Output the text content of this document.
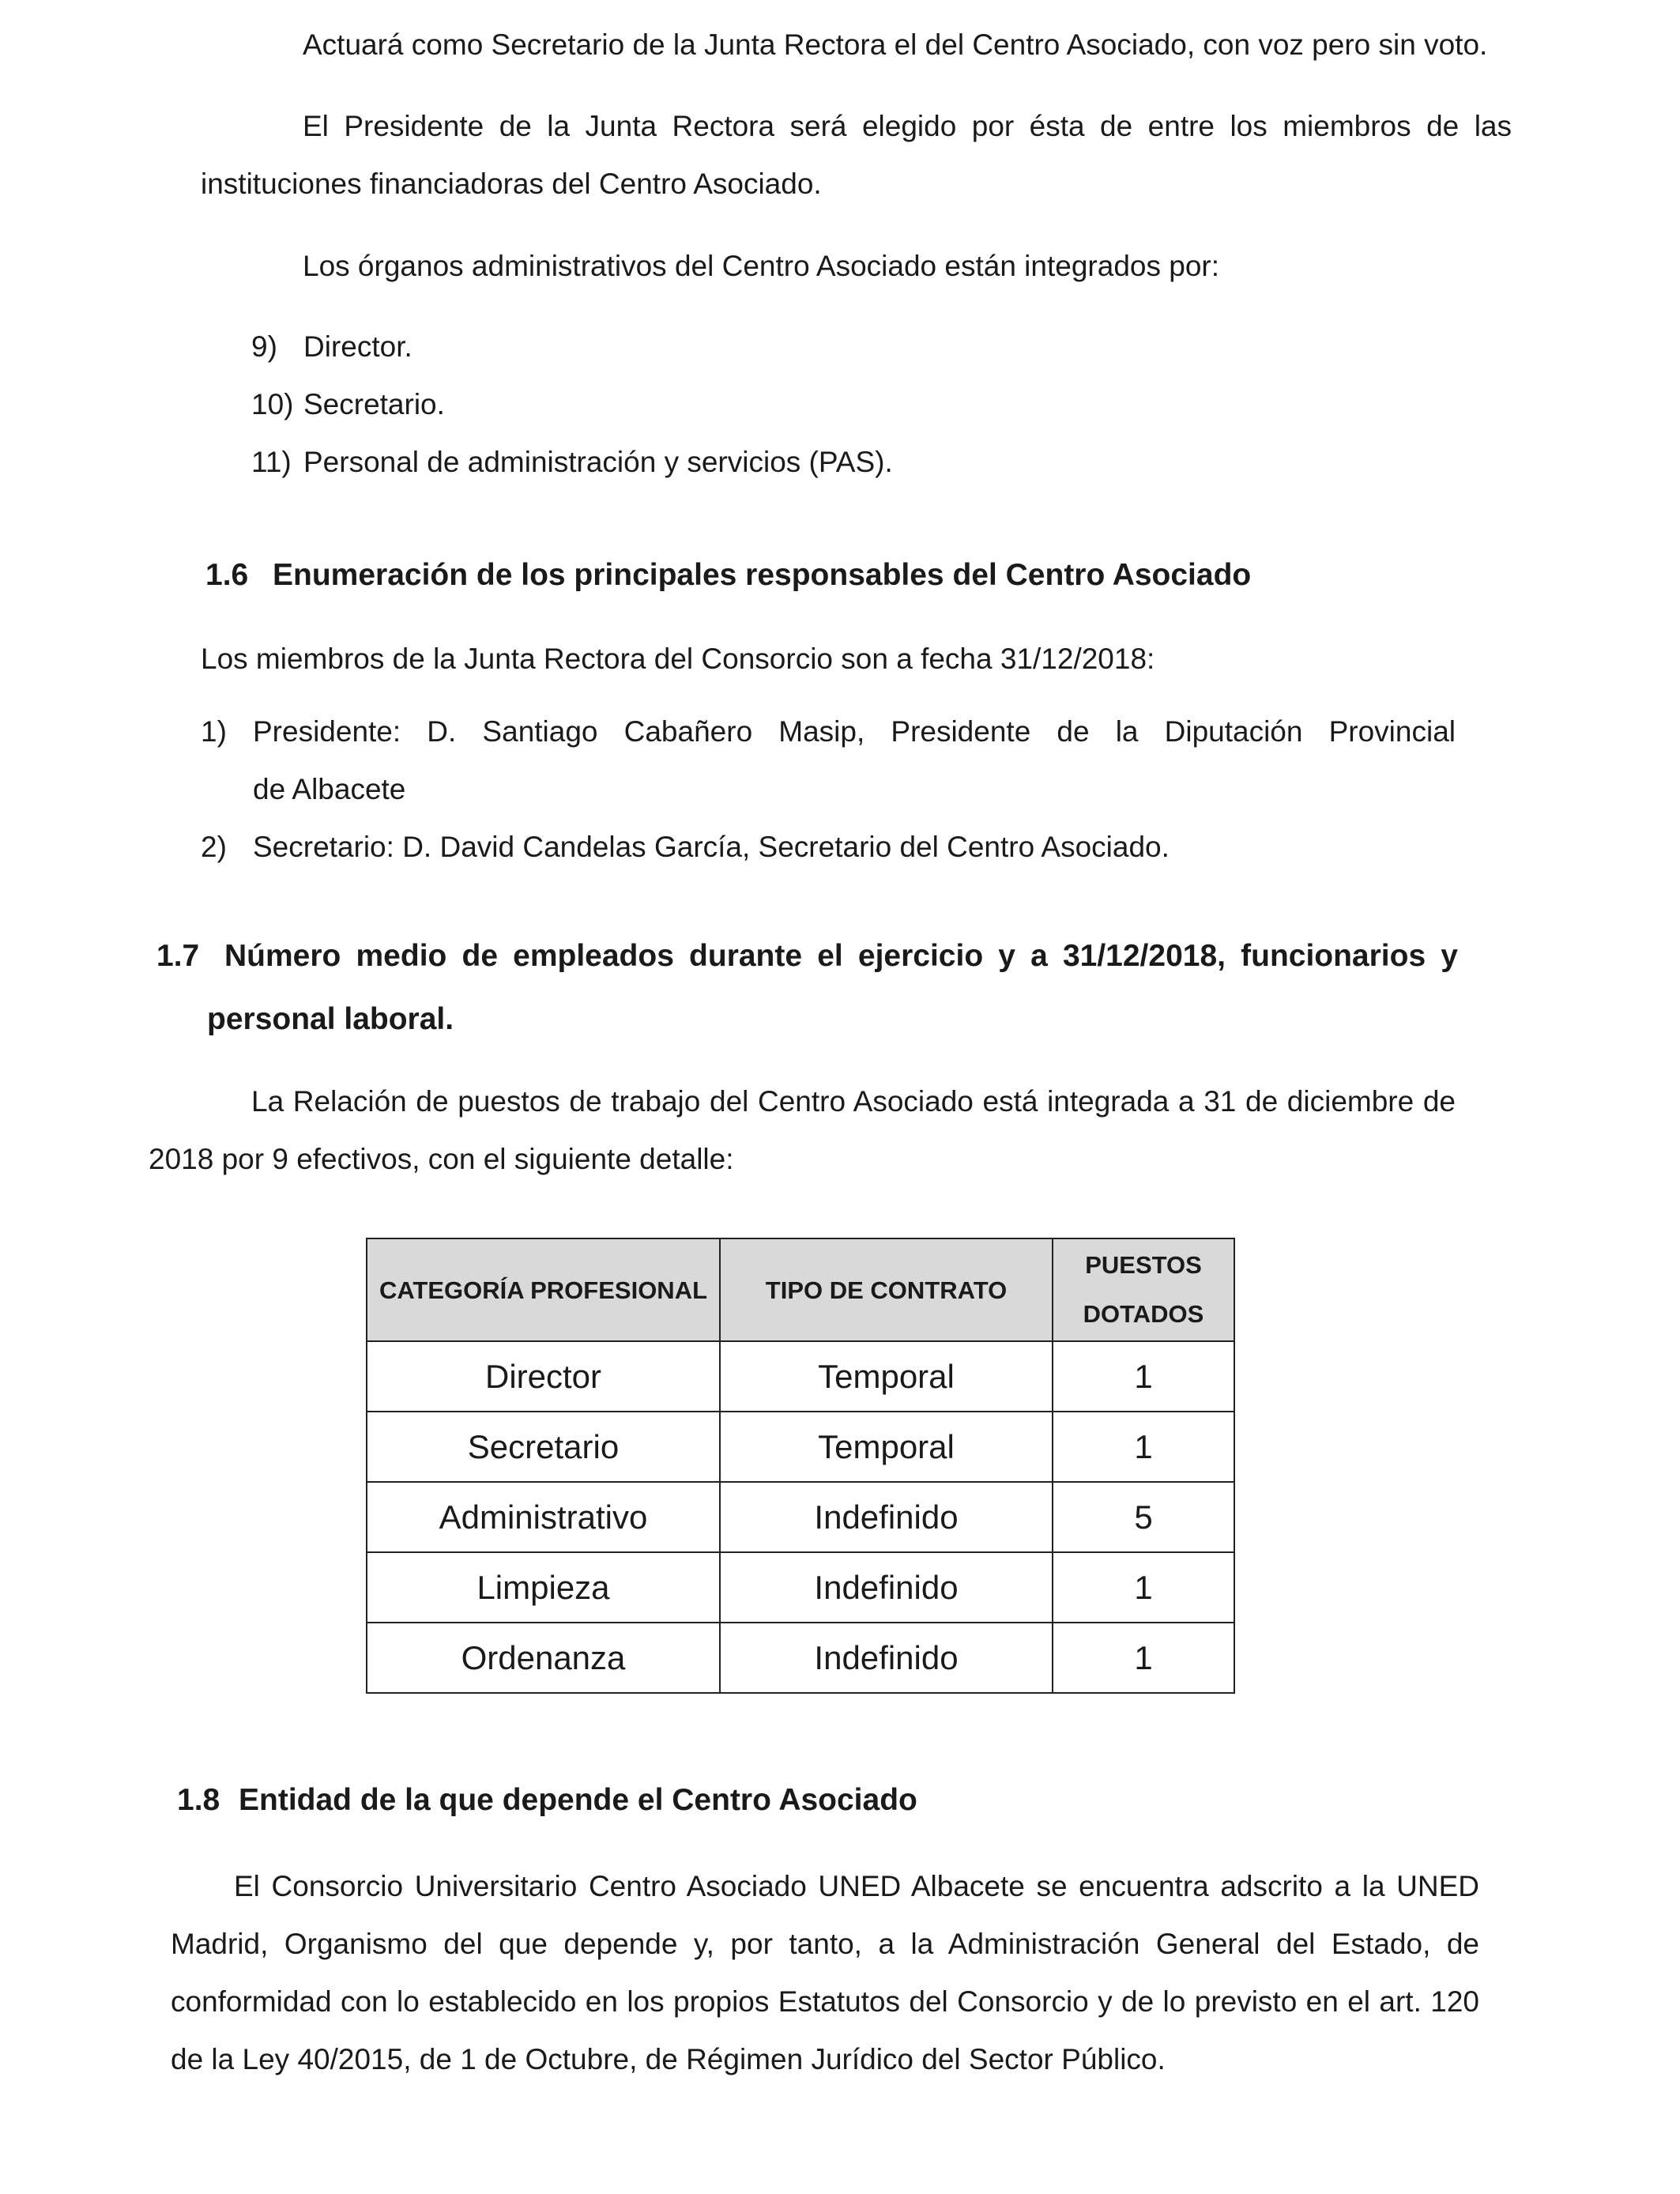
Actuará como Secretario de la Junta Rectora el del Centro Asociado, con voz pero sin voto.
El Presidente de la Junta Rectora será elegido por ésta de entre los miembros de las
instituciones financiadoras del Centro Asociado.
Los órganos administrativos del Centro Asociado están integrados por:
9) Director.
10) Secretario.
11) Personal de administración y servicios (PAS).
1.6 Enumeración de los principales responsables del Centro Asociado
Los miembros de la Junta Rectora del Consorcio son a fecha 31/12/2018:
1) Presidente: D. Santiago Cabañero Masip, Presidente de la Diputación Provincial
de Albacete
2) Secretario: D. David Candelas García, Secretario del Centro Asociado.
1.7 Número medio de empleados durante el ejercicio y a 31/12/2018, funcionarios y
personal laboral.
La Relación de puestos de trabajo del Centro Asociado está integrada a 31 de diciembre de
2018 por 9 efectivos, con el siguiente detalle:
CATEGORÍA PROFESIONAL	TIPO DE CONTRATO	PUESTOS
DOTADOS

Director	Temporal	1
Secretario	Temporal	1
Administrativo	Indefinido	5
Limpieza	Indefinido	1
Ordenanza	Indefinido	1
1.8 Entidad de la que depende el Centro Asociado
El Consorcio Universitario Centro Asociado UNED Albacete se encuentra adscrito a la UNED
Madrid, Organismo del que depende y, por tanto, a la Administración General del Estado, de
conformidad con lo establecido en los propios Estatutos del Consorcio y de lo previsto en el art. 120
de la Ley 40/2015, de 1 de Octubre, de Régimen Jurídico del Sector Público.
